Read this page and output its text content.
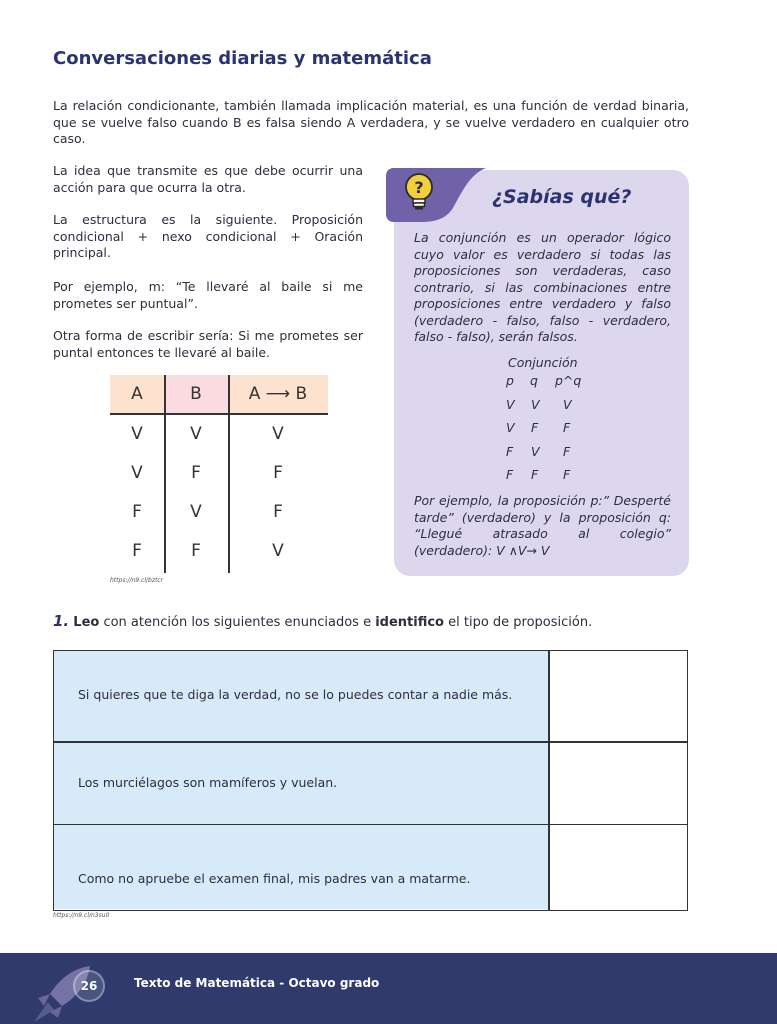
Conversaciones diarias y matemática
La relación condicionante, también llamada implicación material, es una función de verdad binaria, que se vuelve falso cuando B es falsa siendo A verdadera, y se vuelve verdadero en cualquier otro caso.
La idea que transmite es que debe ocurrir una acción para que ocurra la otra.
La estructura es la siguiente. Proposición condicional + nexo condicional + Oración principal.
Por ejemplo, m: “Te llevaré al baile si me prometes ser puntual”.
Otra forma de escribir sería: Si me prometes ser puntal entonces te llevaré al baile.
A	B	A ⟶ B
V	V	V
V	F	F
F	V	F
F	F	V
https://n9.cl/bztcr
?	¿Sabías qué?
La conjunción es un operador lógico cuyo valor es verdadero si todas las proposiciones son verdaderas, caso contrario, si las combinaciones entre proposiciones entre verdadero y falso (verdadero - falso, falso - verdadero, falso - falso), serán falsos.
Conjunción
p q p^q
V V V
V F F
F V F
F F F
Por ejemplo, la proposición p:” Desperté tarde” (verdadero) y la proposición q: “Llegué atrasado al colegio” (verdadero): V ∧V→ V
1. Leo con atención los siguientes enunciados e identifico el tipo de proposición.
Si quieres que te diga la verdad, no se lo puedes contar a nadie más.
Los murciélagos son mamíferos y vuelan.
Como no apruebe el examen final, mis padres van a matarme.
https://n9.cl/n3su0
26	Texto de Matemática - Octavo grado
